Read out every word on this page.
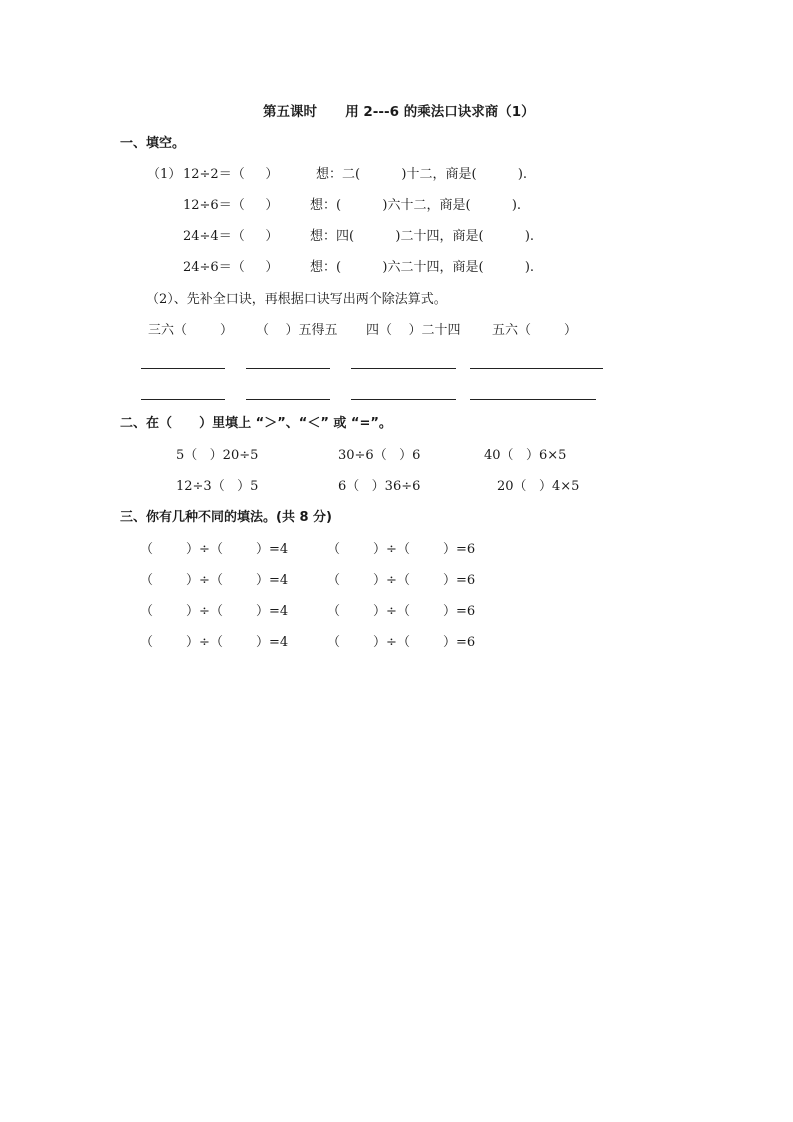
第五课时      用 2---6 的乘法口诀求商（1）
一、填空。
（1） 12÷2＝（     ）	想：二(          )十二，商是(          ).
12÷6＝（     ） 想：(          )六十二，商是(          ).
24÷4＝（     ） 想：四(          )二十四，商是(          ).
24÷6＝（     ） 想：(          )六二十四，商是(          ).
（2）、先补全口诀，再根据口诀写出两个除法算式。
三六（        ） （    ）五得五 四（    ）二十四 五六（        ）
二、在（      ）里填上 “＞”、“＜” 或 “=”。
5（   ）20÷5	30÷6（   ）6	40（   ）6×5
12÷3（   ）5	6（   ）36÷6	20（   ）4×5
三、你有几种不同的填法。(共 8 分)
（        ）÷（        ）=4	（        ）÷（        ）=6
（        ）÷（        ）=4	（        ）÷（        ）=6
（        ）÷（        ）=4	（        ）÷（        ）=6
（        ）÷（        ）=4	（        ）÷（        ）=6
